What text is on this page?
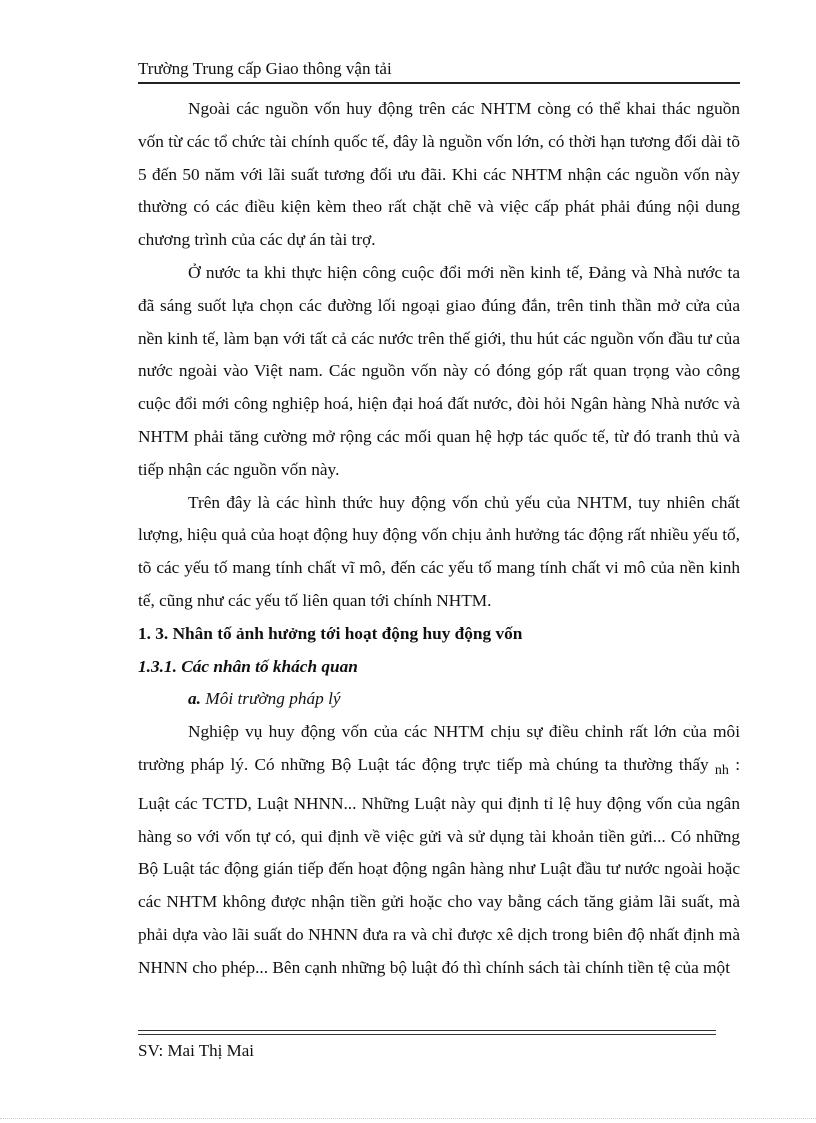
Trường Trung cấp Giao thông vận tải

Ngoài các nguồn vốn huy động trên các NHTM còng có thể khai thác nguồn vốn từ các tổ chức tài chính quốc tế, đây là nguồn vốn lớn, có thời hạn tương đối dài tõ 5 đến 50 năm với lãi suất tương đối ưu đãi. Khi các NHTM nhận các nguồn vốn này thường có các điều kiện kèm theo rất chặt chẽ và việc cấp phát phải đúng nội dung chương trình của các dự án tài trợ.

Ở nước ta khi thực hiện công cuộc đổi mới nền kinh tế, Đảng và Nhà nước ta đã sáng suốt lựa chọn các đường lối ngoại giao đúng đắn, trên tinh thần mở cửa của nền kinh tế, làm bạn với tất cả các nước trên thế giới, thu hút các nguồn vốn đầu tư của nước ngoài vào Việt nam. Các nguồn vốn này có đóng góp rất quan trọng vào công cuộc đổi mới công nghiệp hoá, hiện đại hoá đất nước, đòi hỏi Ngân hàng Nhà nước và NHTM phải tăng cường mở rộng các mối quan hệ hợp tác quốc tế, từ đó tranh thủ và tiếp nhận các nguồn vốn này.

Trên đây là các hình thức huy động vốn chủ yếu của NHTM, tuy nhiên chất lượng, hiệu quả của hoạt động huy động vốn chịu ảnh hưởng tác động rất nhiều yếu tố, tõ các yếu tố mang tính chất vĩ mô, đến các yếu tố mang tính chất vi mô của nền kinh tế, cũng như các yếu tố liên quan tới chính NHTM.

1. 3. Nhân tố ảnh hưởng tới hoạt động huy động vốn

1.3.1. Các nhân tố khách quan

a. Môi trường pháp lý

Nghiệp vụ huy động vốn của các NHTM chịu sự điều chỉnh rất lớn của môi trường pháp lý. Có những Bộ Luật tác động trực tiếp mà chúng ta thường thấy $_{nh}$ : Luật các TCTD, Luật NHNN... Những Luật này qui định tỉ lệ huy động vốn của ngân hàng so với vốn tự có, qui định về việc gửi và sử dụng tài khoản tiền gửi... Có những Bộ Luật tác động gián tiếp đến hoạt động ngân hàng như Luật đầu tư nước ngoài hoặc các NHTM không được nhận tiền gửi hoặc cho vay bằng cách tăng giảm lãi suất, mà phải dựa vào lãi suất do NHNN đưa ra và chỉ được xê dịch trong biên độ nhất định mà NHNN cho phép... Bên cạnh những bộ luật đó thì chính sách tài chính tiền tệ của một

SV: Mai Thị Mai
